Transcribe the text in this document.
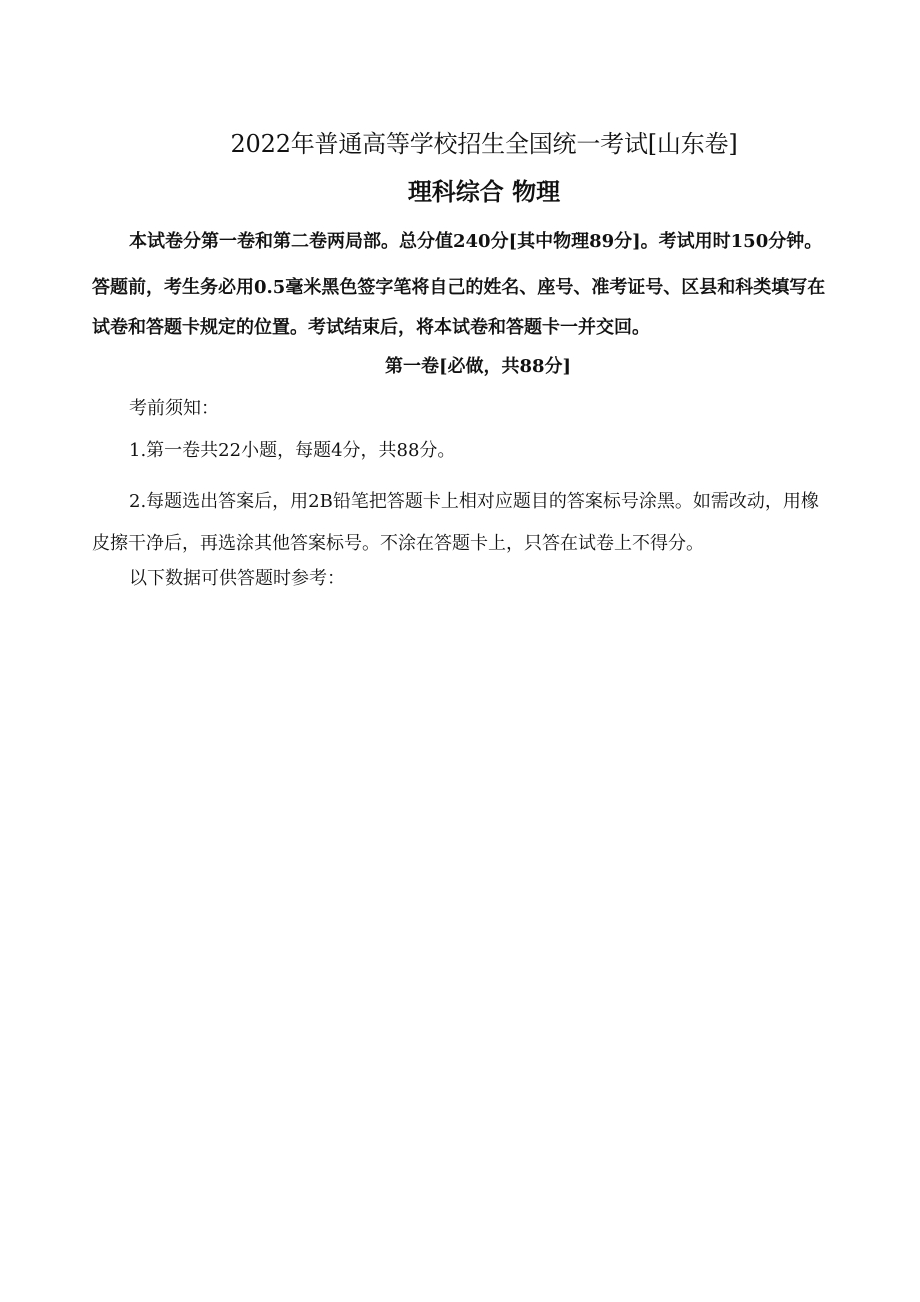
2022年普通高等学校招生全国统一考试[山东卷]
理科综合 物理
本试卷分第一卷和第二卷两局部。总分值240分[其中物理89分]。考试用时150分钟。
答题前，考生务必用0.5毫米黑色签字笔将自己的姓名、座号、准考证号、区县和科类填写在试卷和答题卡规定的位置。考试结束后，将本试卷和答题卡一并交回。
第一卷[必做，共88分]
考前须知：
1.第一卷共22小题，每题4分，共88分。
2.每题选出答案后，用2B铅笔把答题卡上相对应题目的答案标号涂黑。如需改动，用橡皮擦干净后，再选涂其他答案标号。不涂在答题卡上，只答在试卷上不得分。
以下数据可供答题时参考：
